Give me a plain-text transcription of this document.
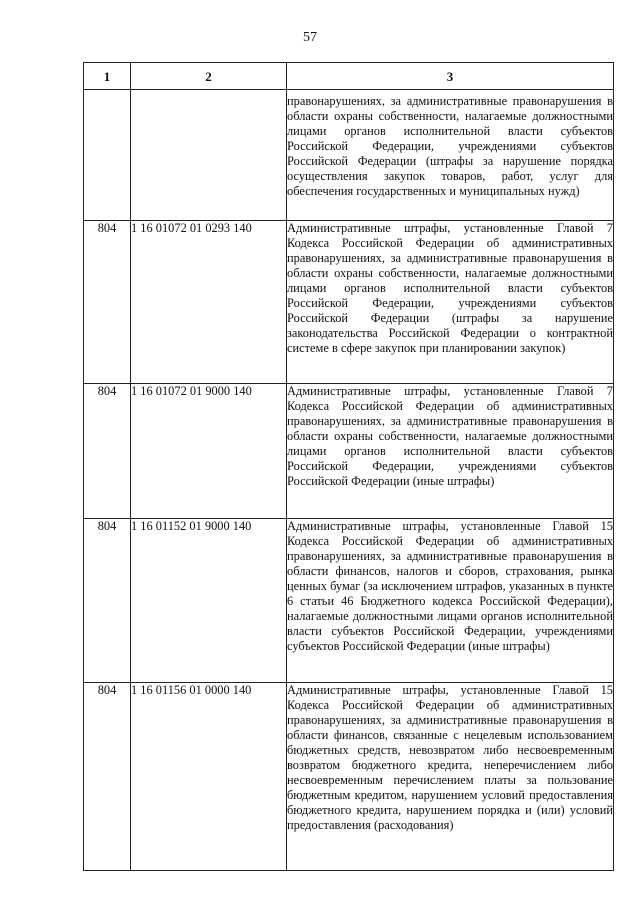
57
1	2	3
		правонарушениях, за административные правонарушения в области охраны собственности, налагаемые должностными лицами органов исполнительной власти субъектов Российской Федерации, учреждениями субъектов Российской Федерации (штрафы за нарушение порядка осуществления закупок товаров, работ, услуг для обеспечения государственных и муниципальных нужд)
804	1 16 01072 01 0293 140	Административные штрафы, установленные Главой 7 Кодекса Российской Федерации об административных правонарушениях, за административные правонарушения в области охраны собственности, налагаемые должностными лицами органов исполнительной власти субъектов Российской Федерации, учреждениями субъектов Российской Федерации (штрафы за нарушение законодательства Российской Федерации о контрактной системе в сфере закупок при планировании закупок)
804	1 16 01072 01 9000 140	Административные штрафы, установленные Главой 7 Кодекса Российской Федерации об административных правонарушениях, за административные правонарушения в области охраны собственности, налагаемые должностными лицами органов исполнительной власти субъектов Российской Федерации, учреждениями субъектов Российской Федерации (иные штрафы)
804	1 16 01152 01 9000 140	Административные штрафы, установленные Главой 15 Кодекса Российской Федерации об административных правонарушениях, за административные правонарушения в области финансов, налогов и сборов, страхования, рынка ценных бумаг (за исключением штрафов, указанных в пункте 6 статьи 46 Бюджетного кодекса Российской Федерации), налагаемые должностными лицами органов исполнительной власти субъектов Российской Федерации, учреждениями субъектов Российской Федерации (иные штрафы)
804	1 16 01156 01 0000 140	Административные штрафы, установленные Главой 15 Кодекса Российской Федерации об административных правонарушениях, за административные правонарушения в области финансов, связанные с нецелевым использованием бюджетных средств, невозвратом либо несвоевременным возвратом бюджетного кредита, неперечислением либо несвоевременным перечислением платы за пользование бюджетным кредитом, нарушением условий предоставления бюджетного кредита, нарушением порядка и (или) условий предоставления (расходования)
